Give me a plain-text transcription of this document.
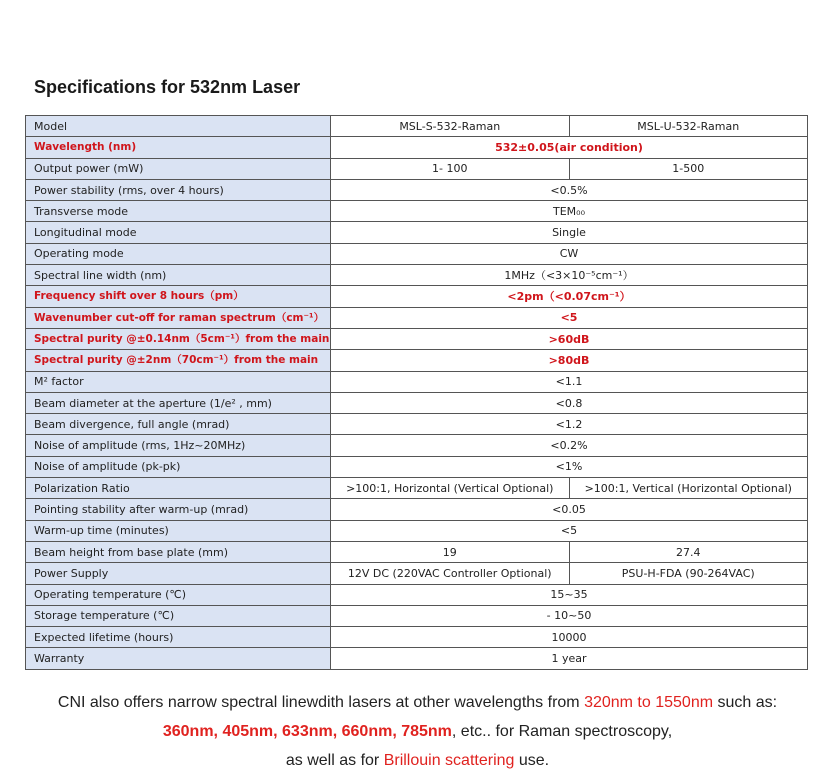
Specifications for 532nm Laser
Model	MSL-S-532-Raman	MSL-U-532-Raman
Wavelength (nm)	532±0.05(air condition)	
Output power (mW)	1- 100	1-500
Power stability (rms, over 4 hours)	<0.5%	
Transverse mode	TEM₀₀	
Longitudinal mode	Single	
Operating mode	CW	
Spectral line width (nm)	1MHz（<3×10⁻⁵cm⁻¹）	
Frequency shift over 8 hours（pm）	<2pm（<0.07cm⁻¹）	
Wavenumber cut-off for raman spectrum（cm⁻¹）	<5	
Spectral purity @±0.14nm（5cm⁻¹）from the main	>60dB	
Spectral purity @±2nm（70cm⁻¹）from the main	>80dB	
M² factor	<1.1	
Beam diameter at the aperture (1/e² , mm)	<0.8	
Beam divergence, full angle (mrad)	<1.2	
Noise of amplitude (rms, 1Hz~20MHz)	<0.2%	
Noise of amplitude (pk-pk)	<1%	
Polarization Ratio	>100:1, Horizontal (Vertical Optional)	>100:1, Vertical (Horizontal Optional)
Pointing stability after warm-up (mrad)	<0.05	
Warm-up time (minutes)	<5	
Beam height from base plate (mm)	19	27.4
Power Supply	12V DC (220VAC Controller Optional)	PSU-H-FDA (90-264VAC)
Operating temperature (℃)	15~35	
Storage temperature (℃)	- 10~50	
Expected lifetime (hours)	10000	
Warranty	1 year	

CNI also offers narrow spectral linewdith lasers at other wavelengths from 320nm to 1550nm such as:

360nm, 405nm, 633nm, 660nm, 785nm, etc.. for Raman spectroscopy,

as well as for Brillouin scattering use.
